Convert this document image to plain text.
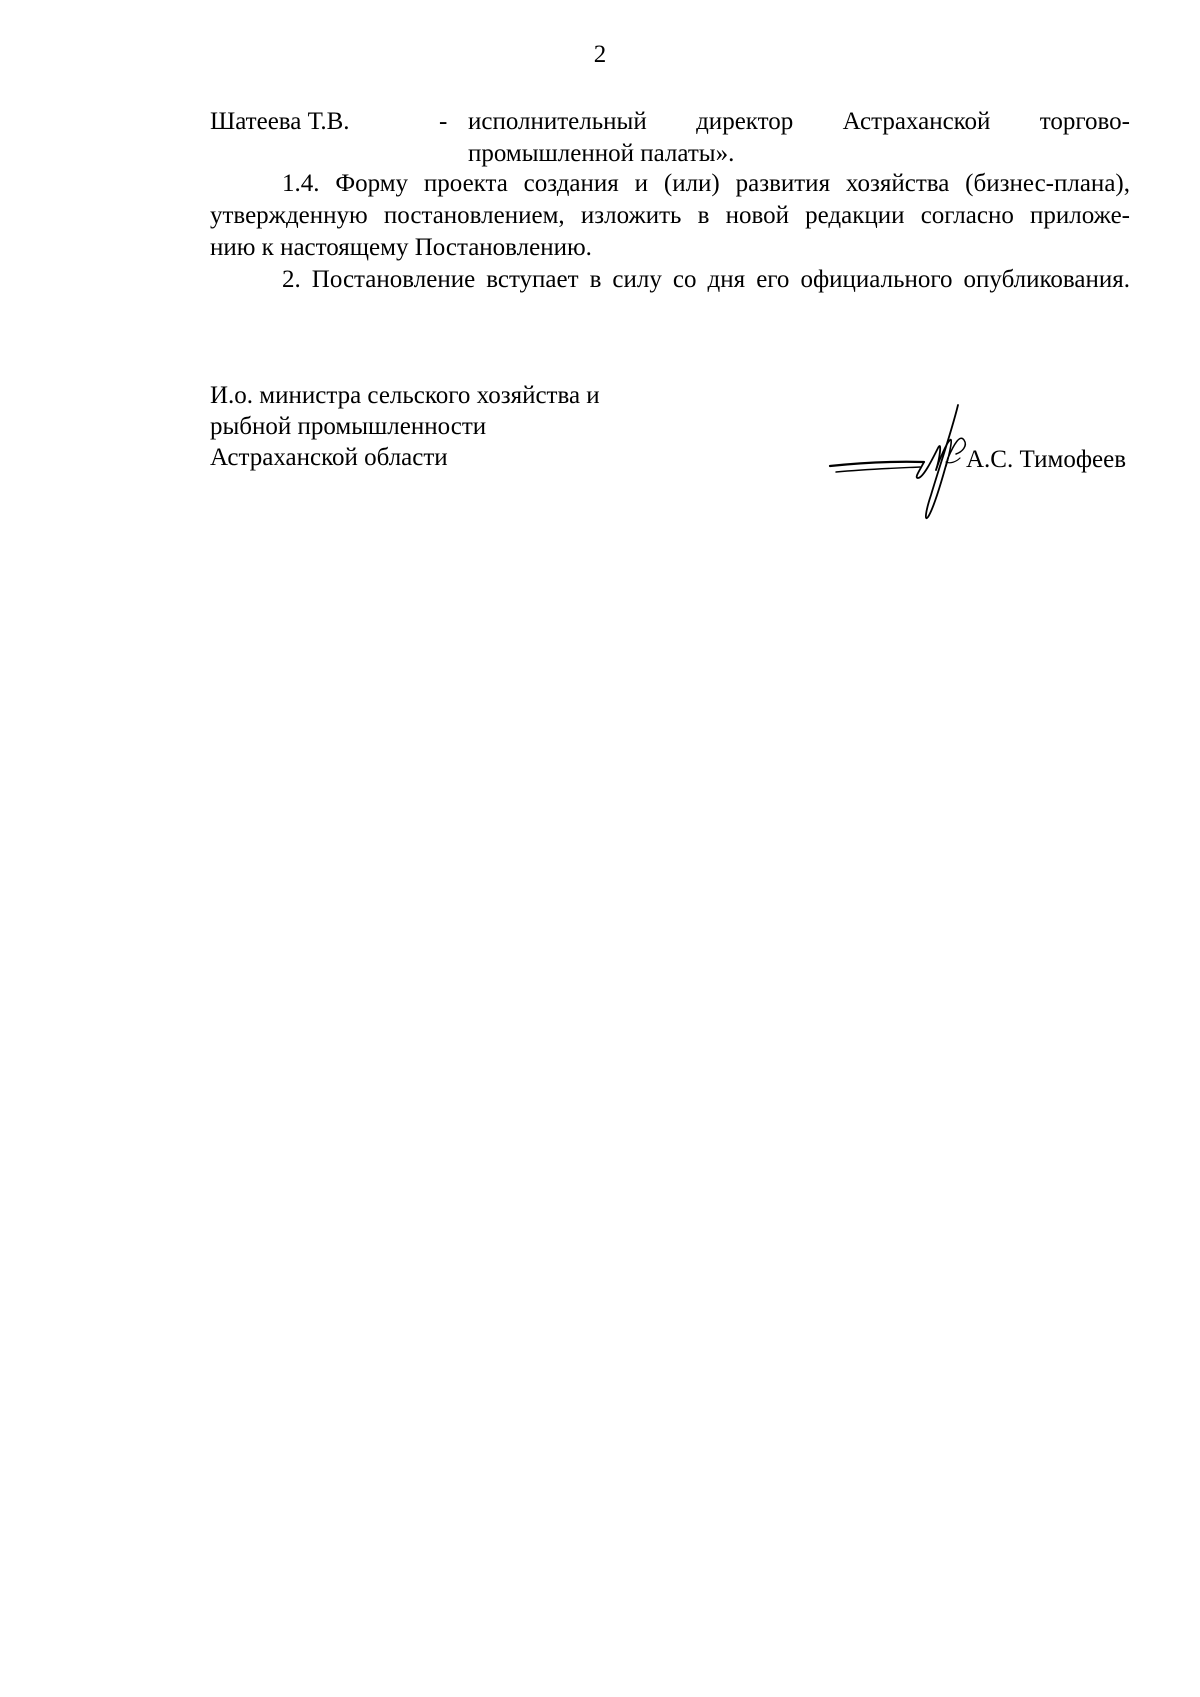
2
Шатеева Т.В.	- исполнительный директор Астраханской торгово-
промышленной палаты».
1.4. Форму проекта создания и (или) развития хозяйства (бизнес-плана),
утвержденную постановлением, изложить в новой редакции согласно приложе-
нию к настоящему Постановлению.
2. Постановление вступает в силу со дня его официального опубликования.
И.о. министра сельского хозяйства и
рыбной промышленности
Астраханской области	А.С. Тимофеев
